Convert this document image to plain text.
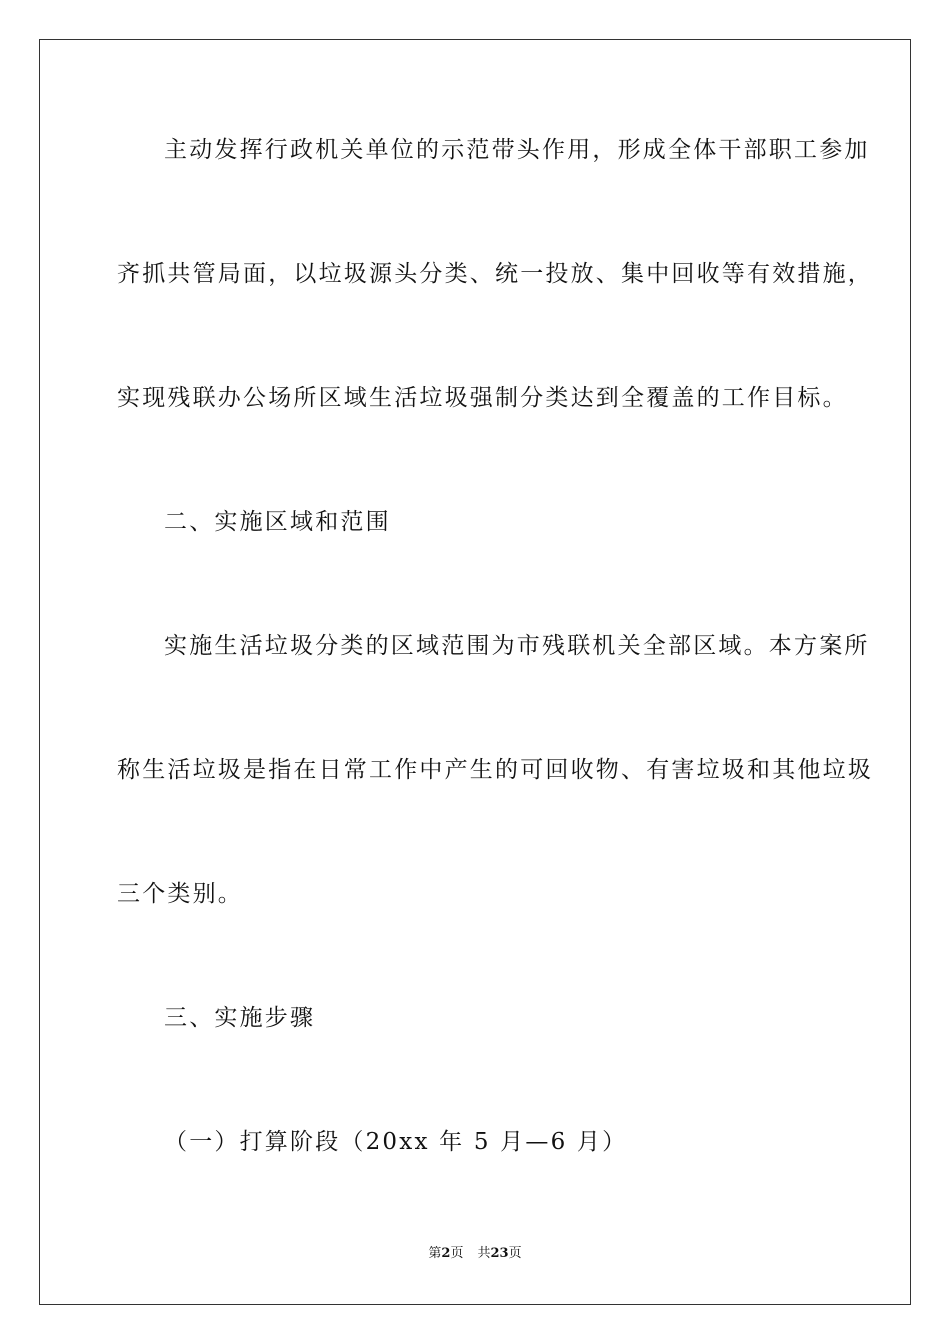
主动发挥行政机关单位的示范带头作用，形成全体干部职工参加
齐抓共管局面，以垃圾源头分类、统一投放、集中回收等有效措施，
实现残联办公场所区域生活垃圾强制分类达到全覆盖的工作目标。
二、实施区域和范围
实施生活垃圾分类的区域范围为市残联机关全部区域。本方案所
称生活垃圾是指在日常工作中产生的可回收物、有害垃圾和其他垃圾
三个类别。
三、实施步骤
（一）打算阶段（20xx 年 5 月—6 月）
第2页 共23页
